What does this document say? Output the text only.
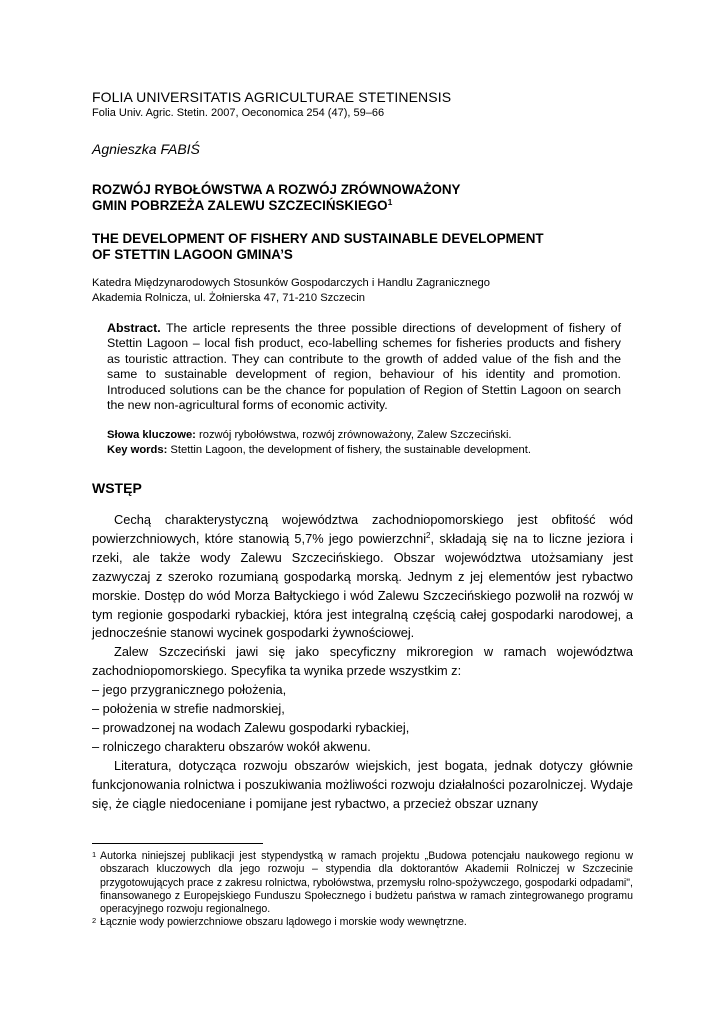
FOLIA UNIVERSITATIS AGRICULTURAE STETINENSIS
Folia Univ. Agric. Stetin. 2007, Oeconomica 254 (47), 59–66
Agnieszka FABIŚ
ROZWÓJ RYBOŁÓWSTWA A ROZWÓJ ZRÓWNOWAŻONY
GMIN POBRZEŻA ZALEWU SZCZECIŃSKIEGO$^1$
THE DEVELOPMENT OF FISHERY AND SUSTAINABLE DEVELOPMENT
OF STETTIN LAGOON GMINA’S
Katedra Międzynarodowych Stosunków Gospodarczych i Handlu Zagranicznego
Akademia Rolnicza, ul. Żołnierska 47, 71-210 Szczecin
Abstract. The article represents the three possible directions of development of fishery of Stettin Lagoon – local fish product, eco-labelling schemes for fisheries products and fishery as touristic attraction. They can contribute to the growth of added value of the fish and the same to sustainable development of region, behaviour of his identity and promotion. Introduced solutions can be the chance for population of Region of Stettin Lagoon on search the new non-agricultural forms of economic activity.
Słowa kluczowe: rozwój rybołówstwa, rozwój zrównoważony, Zalew Szczeciński.
Key words: Stettin Lagoon, the development of fishery, the sustainable development.
WSTĘP

Cechą charakterystyczną województwa zachodniopomorskiego jest obfitość wód powierzchniowych, które stanowią 5,7% jego powierzchni$^2$, składają się na to liczne jeziora i rzeki, ale także wody Zalewu Szczecińskiego. Obszar województwa utożsamiany jest zazwyczaj z szeroko rozumianą gospodarką morską. Jednym z jej elementów jest rybactwo morskie. Dostęp do wód Morza Bałtyckiego i wód Zalewu Szczecińskiego pozwolił na rozwój w tym regionie gospodarki rybackiej, która jest integralną częścią całej gospodarki narodowej, a jednocześnie stanowi wycinek gospodarki żywnościowej.

Zalew Szczeciński jawi się jako specyficzny mikroregion w ramach województwa zachodniopomorskiego. Specyfika ta wynika przede wszystkim z:

– jego przygranicznego położenia,

– położenia w strefie nadmorskiej,

– prowadzonej na wodach Zalewu gospodarki rybackiej,

– rolniczego charakteru obszarów wokół akwenu.

Literatura, dotycząca rozwoju obszarów wiejskich, jest bogata, jednak dotyczy głównie funkcjonowania rolnictwa i poszukiwania możliwości rozwoju działalności pozarolniczej. Wydaje się, że ciągle niedoceniane i pomijane jest rybactwo, a przecież obszar uznany

1 Autorka niniejszej publikacji jest stypendystką w ramach projektu „Budowa potencjału naukowego regionu w obszarach kluczowych dla jego rozwoju – stypendia dla doktorantów Akademii Rolniczej w Szczecinie przygotowujących prace z zakresu rolnictwa, rybołówstwa, przemysłu rolno-spożywczego, gospodarki odpadami", finansowanego z Europejskiego Funduszu Społecznego i budżetu państwa w ramach zintegrowanego programu operacyjnego rozwoju regionalnego.
2 Łącznie wody powierzchniowe obszaru lądowego i morskie wody wewnętrzne.
